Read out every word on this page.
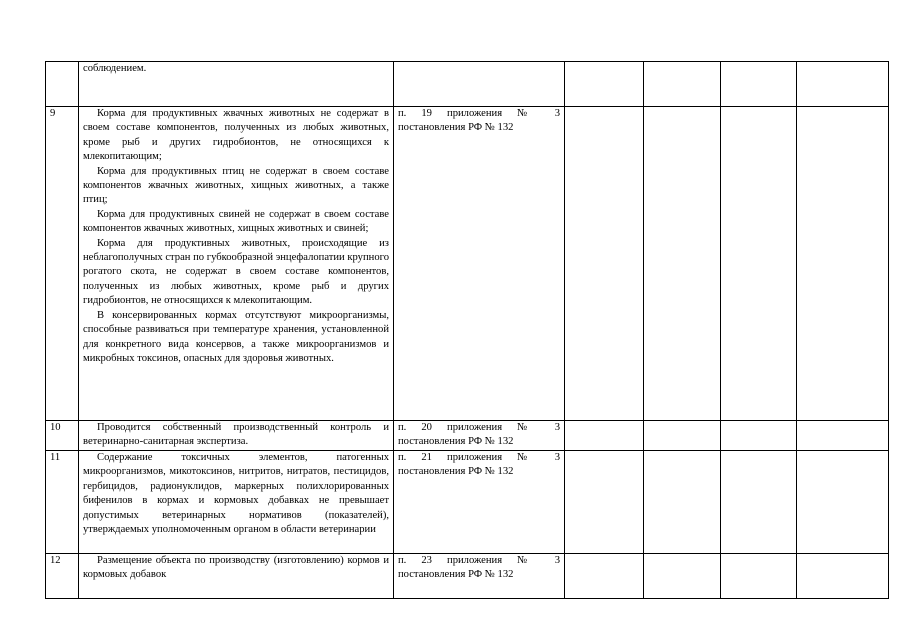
	соблюдением.					

9	Корма для продуктивных жвачных животных не содержат в своем составе компонентов, полученных из любых животных, кроме рыб и других гидробионтов, не относящихся к млекопитающим;

Корма для продуктивных птиц не содержат в своем составе компонентов жвачных животных, хищных животных, а также птиц;

Корма для продуктивных свиней не содержат в своем составе компонентов жвачных животных, хищных животных и свиней;

Корма для продуктивных животных, происходящие из неблагополучных стран по губкообразной энцефалопатии крупного рогатого скота, не содержат в своем составе компонентов, полученных из любых животных, кроме рыб и других гидробионтов, не относящихся к млекопитающим.

В консервированных кормах отсутствуют микроорганизмы, способные развиваться при температуре хранения, установленной для конкретного вида консервов, а также микроорганизмов и микробных токсинов, опасных для здоровья животных.	п. 19 приложения № 3 постановления РФ № 132				
10	Проводится собственный производственный контроль и ветеринарно-санитарная экспертиза.	п. 20 приложения № 3 постановления РФ № 132				
11	Содержание токсичных элементов, патогенных микроорганизмов, микотоксинов, нитритов, нитратов, пестицидов, гербицидов, радионуклидов, маркерных полихлорированных бифенилов в кормах и кормовых добавках не превышает допустимых ветеринарных нормативов (показателей), утверждаемых уполномоченным органом в области ветеринарии	п. 21 приложения № 3 постановления РФ № 132				
12	Размещение объекта по производству (изготовлению) кормов и кормовых добавок	п. 23 приложения № 3 постановления РФ № 132				
